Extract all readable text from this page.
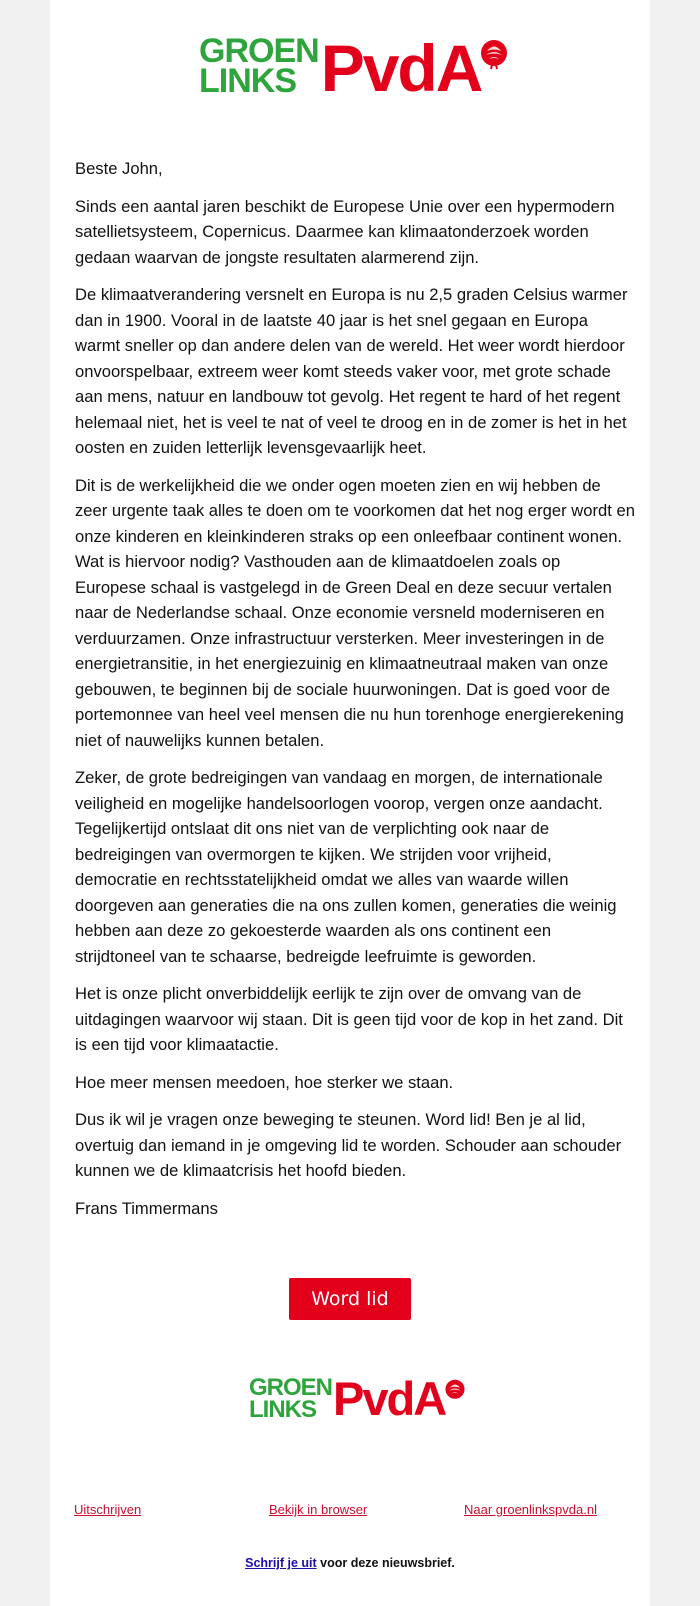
GROEN
LINKS PvdA

Beste John,

Sinds een aantal jaren beschikt de Europese Unie over een hypermodern satellietsysteem, Copernicus. Daarmee kan klimaatonderzoek worden gedaan waarvan de jongste resultaten alarmerend zijn.

De klimaatverandering versnelt en Europa is nu 2,5 graden Celsius warmer dan in 1900. Vooral in de laatste 40 jaar is het snel gegaan en Europa warmt sneller op dan andere delen van de wereld. Het weer wordt hierdoor onvoorspelbaar, extreem weer komt steeds vaker voor, met grote schade aan mens, natuur en landbouw tot gevolg. Het regent te hard of het regent helemaal niet, het is veel te nat of veel te droog en in de zomer is het in het oosten en zuiden letterlijk levensgevaarlijk heet.

Dit is de werkelijkheid die we onder ogen moeten zien en wij hebben de zeer urgente taak alles te doen om te voorkomen dat het nog erger wordt en onze kinderen en kleinkinderen straks op een onleefbaar continent wonen. Wat is hiervoor nodig? Vasthouden aan de klimaatdoelen zoals op Europese schaal is vastgelegd in de Green Deal en deze secuur vertalen naar de Nederlandse schaal. Onze economie versneld moderniseren en verduurzamen. Onze infrastructuur versterken. Meer investeringen in de energietransitie, in het energiezuinig en klimaatneutraal maken van onze gebouwen, te beginnen bij de sociale huurwoningen. Dat is goed voor de portemonnee van heel veel mensen die nu hun torenhoge energierekening niet of nauwelijks kunnen betalen.

Zeker, de grote bedreigingen van vandaag en morgen, de internationale veiligheid en mogelijke handelsoorlogen voorop, vergen onze aandacht. Tegelijkertijd ontslaat dit ons niet van de verplichting ook naar de bedreigingen van overmorgen te kijken. We strijden voor vrijheid, democratie en rechtsstatelijkheid omdat we alles van waarde willen doorgeven aan generaties die na ons zullen komen, generaties die weinig hebben aan deze zo gekoesterde waarden als ons continent een strijdtoneel van te schaarse, bedreigde leefruimte is geworden.

Het is onze plicht onverbiddelijk eerlijk te zijn over de omvang van de uitdagingen waarvoor wij staan. Dit is geen tijd voor de kop in het zand. Dit is een tijd voor klimaatactie.

Hoe meer mensen meedoen, hoe sterker we staan.

Dus ik wil je vragen onze beweging te steunen. Word lid! Ben je al lid, overtuig dan iemand in je omgeving lid te worden. Schouder aan schouder kunnen we de klimaatcrisis het hoofd bieden.

Frans Timmermans

Word lid
GROEN
LINKS PvdA
Uitschrijven	Bekijk in browser	Naar groenlinkspvda.nl
Schrijf je uit voor deze nieuwsbrief.
